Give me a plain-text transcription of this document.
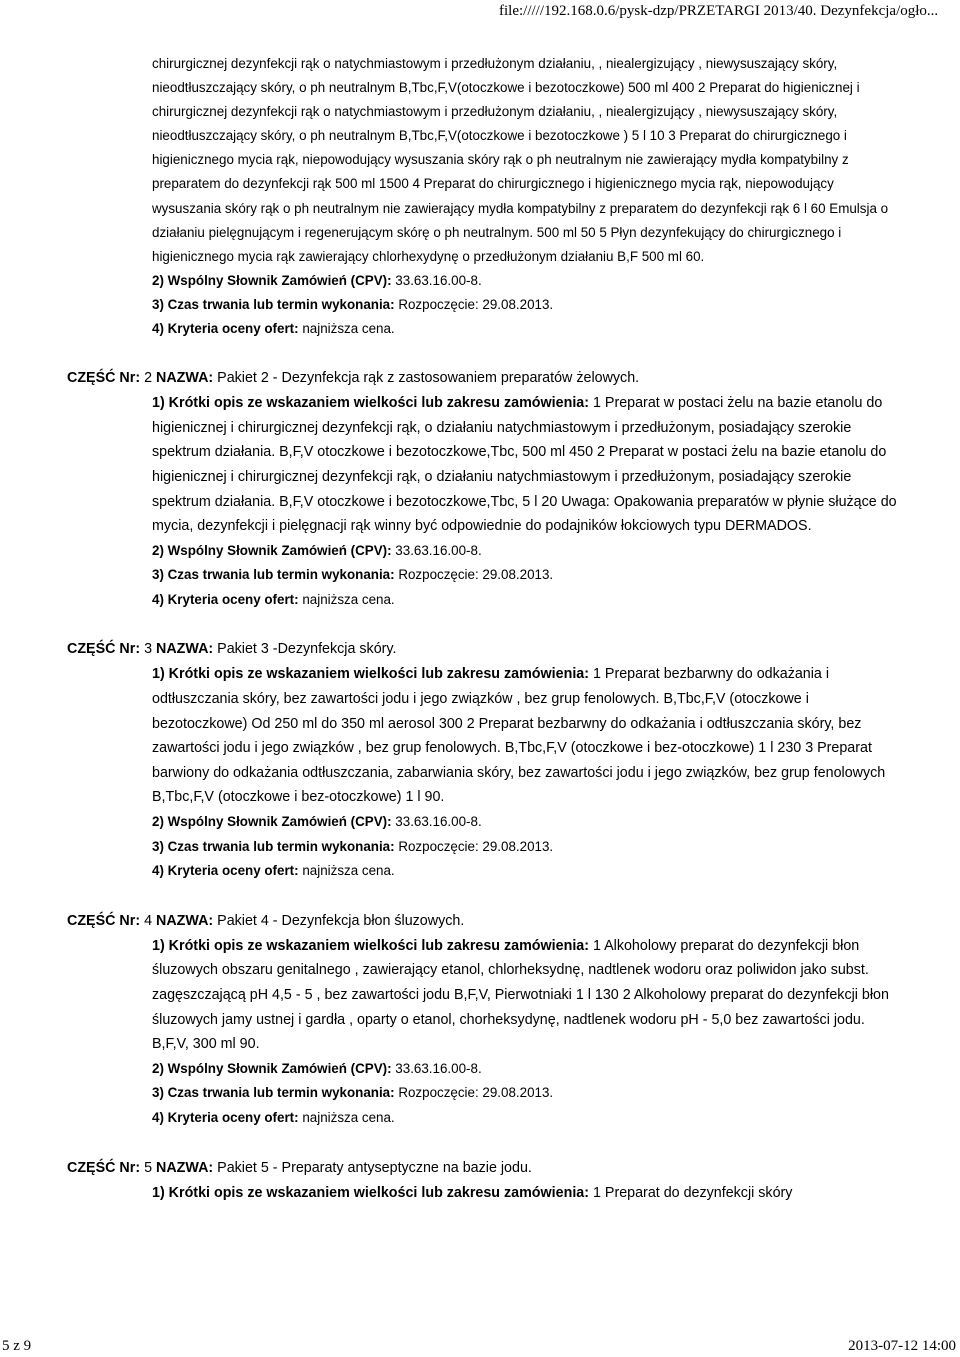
file://///192.168.0.6/pysk-dzp/PRZETARGI 2013/40. Dezynfekcja/ogło...

chirurgicznej dezynfekcji rąk o natychmiastowym i przedłużonym działaniu, , niealergizujący , niewysuszający skóry, nieodtłuszczający skóry, o ph neutralnym B,Tbc,F,V(otoczkowe i bezotoczkowe) 500 ml 400 2 Preparat do higienicznej i chirurgicznej dezynfekcji rąk o natychmiastowym i przedłużonym działaniu, , niealergizujący , niewysuszający skóry, nieodtłuszczający skóry, o ph neutralnym B,Tbc,F,V(otoczkowe i bezotoczkowe ) 5 l 10 3 Preparat do chirurgicznego i higienicznego mycia rąk, niepowodujący wysuszania skóry rąk o ph neutralnym nie zawierający mydła kompatybilny z preparatem do dezynfekcji rąk 500 ml 1500 4 Preparat do chirurgicznego i higienicznego mycia rąk, niepowodujący wysuszania skóry rąk o ph neutralnym nie zawierający mydła kompatybilny z preparatem do dezynfekcji rąk 6 l 60 Emulsja o działaniu pielęgnującym i regenerującym skórę o ph neutralnym. 500 ml 50 5 Płyn dezynfekujący do chirurgicznego i higienicznego mycia rąk zawierający chlorhexydynę o przedłużonym działaniu B,F 500 ml 60.

2) Wspólny Słownik Zamówień (CPV): 33.63.16.00-8.
3) Czas trwania lub termin wykonania: Rozpoczęcie: 29.08.2013.
4) Kryteria oceny ofert: najniższa cena.
CZĘŚĆ Nr: 2 NAZWA: Pakiet 2 - Dezynfekcja rąk z zastosowaniem preparatów żelowych.

1) Krótki opis ze wskazaniem wielkości lub zakresu zamówienia: 1 Preparat w postaci żelu na bazie etanolu do higienicznej i chirurgicznej dezynfekcji rąk, o działaniu natychmiastowym i przedłużonym, posiadający szerokie spektrum działania. B,F,V otoczkowe i bezotoczkowe,Tbc, 500 ml 450 2 Preparat w postaci żelu na bazie etanolu do higienicznej i chirurgicznej dezynfekcji rąk, o działaniu natychmiastowym i przedłużonym, posiadający szerokie spektrum działania. B,F,V otoczkowe i bezotoczkowe,Tbc, 5 l 20 Uwaga: Opakowania preparatów w płynie służące do mycia, dezynfekcji i pielęgnacji rąk winny być odpowiednie do podajników łokciowych typu DERMADOS.

2) Wspólny Słownik Zamówień (CPV): 33.63.16.00-8.
3) Czas trwania lub termin wykonania: Rozpoczęcie: 29.08.2013.
4) Kryteria oceny ofert: najniższa cena.
CZĘŚĆ Nr: 3 NAZWA: Pakiet 3 -Dezynfekcja skóry.

1) Krótki opis ze wskazaniem wielkości lub zakresu zamówienia: 1 Preparat bezbarwny do odkażania i odtłuszczania skóry, bez zawartości jodu i jego związków , bez grup fenolowych. B,Tbc,F,V (otoczkowe i bezotoczkowe) Od 250 ml do 350 ml aerosol 300 2 Preparat bezbarwny do odkażania i odtłuszczania skóry, bez zawartości jodu i jego związków , bez grup fenolowych. B,Tbc,F,V (otoczkowe i bez-otoczkowe) 1 l 230 3 Preparat barwiony do odkażania odtłuszczania, zabarwiania skóry, bez zawartości jodu i jego związków, bez grup fenolowych B,Tbc,F,V (otoczkowe i bez-otoczkowe) 1 l 90.

2) Wspólny Słownik Zamówień (CPV): 33.63.16.00-8.
3) Czas trwania lub termin wykonania: Rozpoczęcie: 29.08.2013.
4) Kryteria oceny ofert: najniższa cena.
CZĘŚĆ Nr: 4 NAZWA: Pakiet 4 - Dezynfekcja błon śluzowych.

1) Krótki opis ze wskazaniem wielkości lub zakresu zamówienia: 1 Alkoholowy preparat do dezynfekcji błon śluzowych obszaru genitalnego , zawierający etanol, chlorheksydnę, nadtlenek wodoru oraz poliwidon jako subst. zagęszczającą pH 4,5 - 5 , bez zawartości jodu B,F,V, Pierwotniaki 1 l 130 2 Alkoholowy preparat do dezynfekcji błon śluzowych jamy ustnej i gardła , oparty o etanol, chorheksydynę, nadtlenek wodoru pH - 5,0 bez zawartości jodu. B,F,V, 300 ml 90.

2) Wspólny Słownik Zamówień (CPV): 33.63.16.00-8.
3) Czas trwania lub termin wykonania: Rozpoczęcie: 29.08.2013.
4) Kryteria oceny ofert: najniższa cena.
CZĘŚĆ Nr: 5 NAZWA: Pakiet 5 - Preparaty antyseptyczne na bazie jodu.

1) Krótki opis ze wskazaniem wielkości lub zakresu zamówienia: 1 Preparat do dezynfekcji skóry

5 z 9	2013-07-12 14:00
